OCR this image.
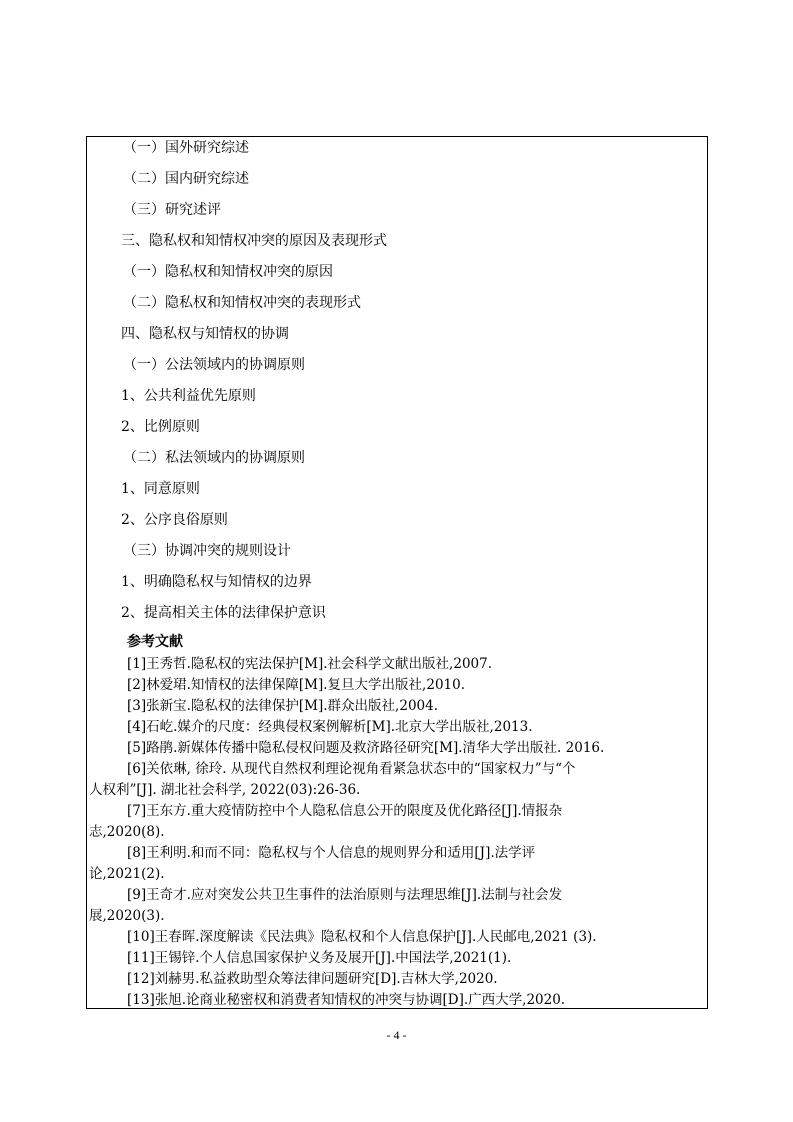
（一）国外研究综述
（二）国内研究综述
（三）研究述评
三、隐私权和知情权冲突的原因及表现形式
（一）隐私权和知情权冲突的原因
（二）隐私权和知情权冲突的表现形式
四、隐私权与知情权的协调
（一）公法领域内的协调原则
1、公共利益优先原则
2、比例原则
（二）私法领域内的协调原则
1、同意原则
2、公序良俗原则
（三）协调冲突的规则设计
1、明确隐私权与知情权的边界
2、提高相关主体的法律保护意识
参考文献
[1]王秀哲.隐私权的宪法保护[M].社会科学文献出版社,2007.
[2]林爱珺.知情权的法律保障[M].复旦大学出版社,2010.
[3]张新宝.隐私权的法律保护[M].群众出版社,2004.
[4]石屹.媒介的尺度：经典侵权案例解析[M].北京大学出版社,2013.
[5]路鹃.新媒体传播中隐私侵权问题及救济路径研究[M].清华大学出版社. 2016.
[6]关依琳, 徐玲. 从现代自然权利理论视角看紧急状态中的“国家权力”与“个
人权利”[J]. 湖北社会科学, 2022(03):26-36.
[7]王东方.重大疫情防控中个人隐私信息公开的限度及优化路径[J].情报杂
志,2020(8).
[8]王利明.和而不同：隐私权与个人信息的规则界分和适用[J].法学评
论,2021(2).
[9]王奇才.应对突发公共卫生事件的法治原则与法理思维[J].法制与社会发
展,2020(3).
[10]王春晖.深度解读《民法典》隐私权和个人信息保护[J].人民邮电,2021 (3).
[11]王锡锌.个人信息国家保护义务及展开[J].中国法学,2021(1).
[12]刘赫男.私益救助型众筹法律问题研究[D].吉林大学,2020.
[13]张旭.论商业秘密权和消费者知情权的冲突与协调[D].广西大学,2020.
- 4 -
